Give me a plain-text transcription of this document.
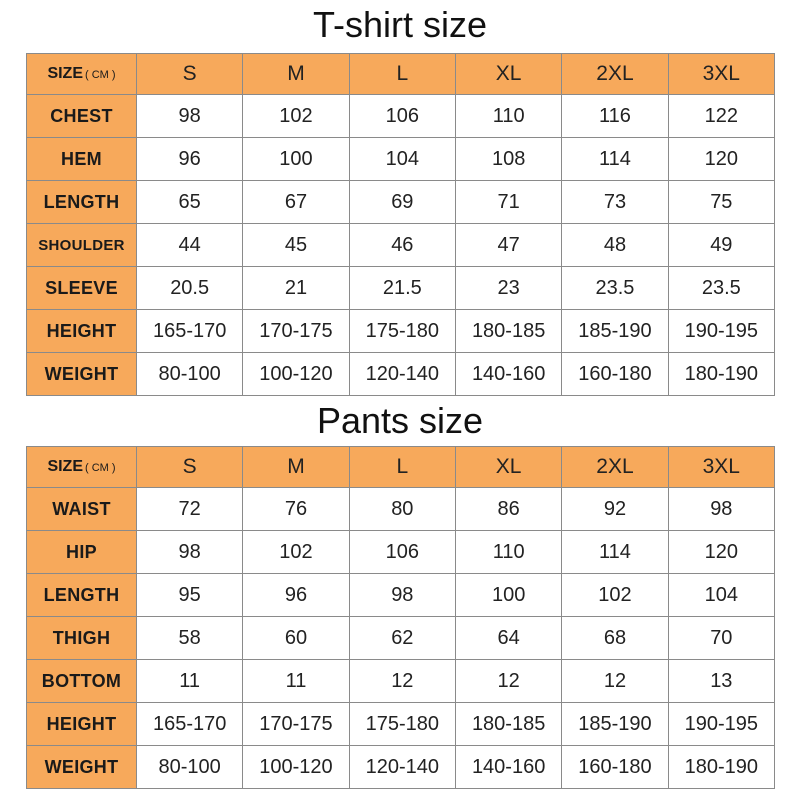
T-shirt size
SIZE ( CM )	S	M	L	XL	2XL	3XL
CHEST	98	102	106	110	116	122
HEM	96	100	104	108	114	120
LENGTH	65	67	69	71	73	75
SHOULDER	44	45	46	47	48	49
SLEEVE	20.5	21	21.5	23	23.5	23.5
HEIGHT	165-170	170-175	175-180	180-185	185-190	190-195
WEIGHT	80-100	100-120	120-140	140-160	160-180	180-190
Pants size
SIZE ( CM )	S	M	L	XL	2XL	3XL
WAIST	72	76	80	86	92	98
HIP	98	102	106	110	114	120
LENGTH	95	96	98	100	102	104
THIGH	58	60	62	64	68	70
BOTTOM	11	11	12	12	12	13
HEIGHT	165-170	170-175	175-180	180-185	185-190	190-195
WEIGHT	80-100	100-120	120-140	140-160	160-180	180-190
